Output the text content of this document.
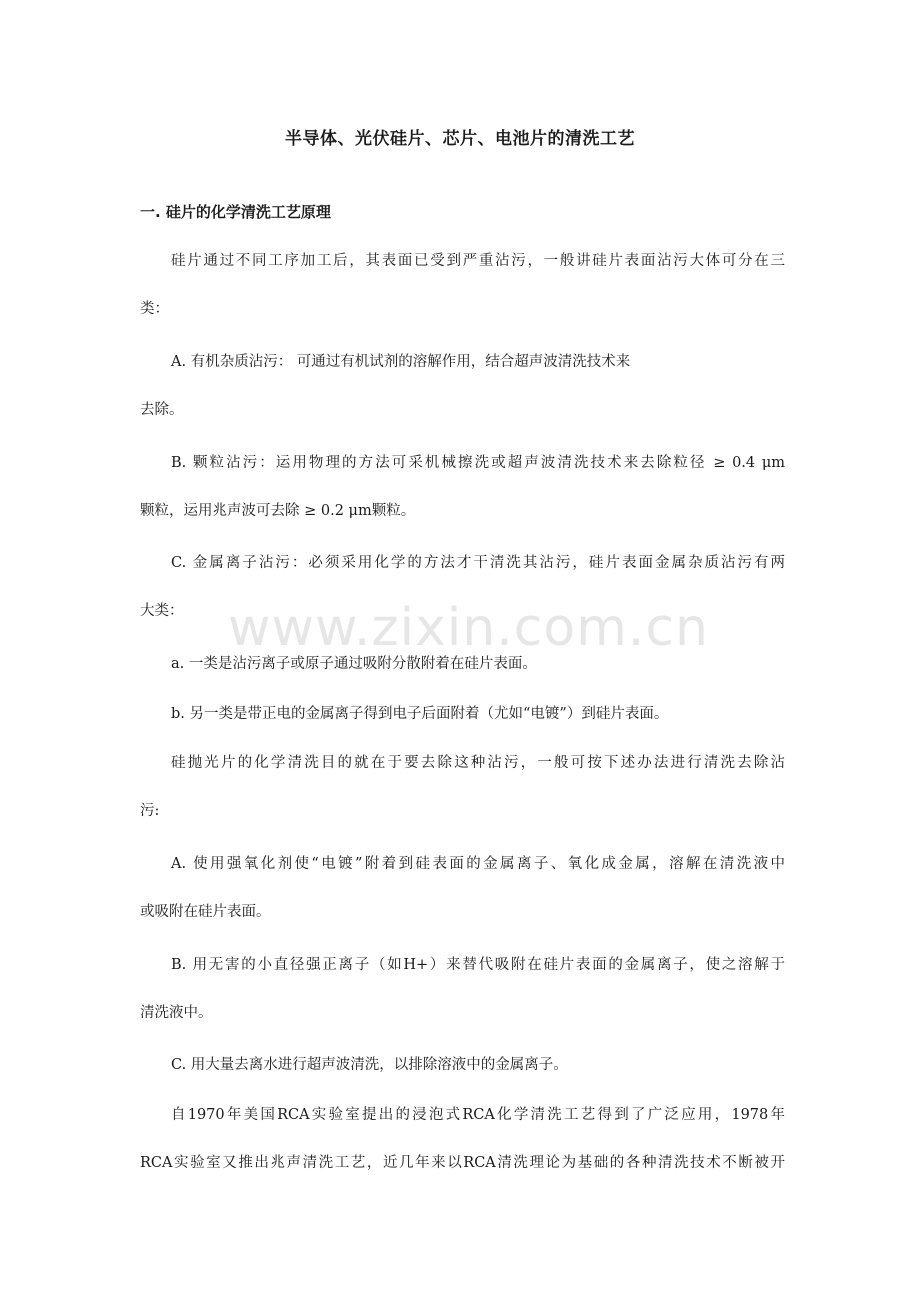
www.zixin.com.cn
半导体、光伏硅片、芯片、电池片的清洗工艺
一. 硅片的化学清洗工艺原理
硅片通过不同工序加工后，其表面已受到严重沾污，一般讲硅片表面沾污大体可分在三
类：
A. 有机杂质沾污： 可通过有机试剂的溶解作用，结合超声波清洗技术来
去除。
B. 颗粒沾污：运用物理的方法可采机械擦洗或超声波清洗技术来去除粒径 ≥ 0.4 μm
颗粒，运用兆声波可去除 ≥ 0.2 μm颗粒。
C. 金属离子沾污：必须采用化学的方法才干清洗其沾污，硅片表面金属杂质沾污有两
大类：
a. 一类是沾污离子或原子通过吸附分散附着在硅片表面。
b. 另一类是带正电的金属离子得到电子后面附着（尤如“电镀”）到硅片表面。
硅抛光片的化学清洗目的就在于要去除这种沾污，一般可按下述办法进行清洗去除沾
污:
A. 使用强氧化剂使“电镀”附着到硅表面的金属离子、氧化成金属，溶解在清洗液中
或吸附在硅片表面。
B. 用无害的小直径强正离子（如H+）来替代吸附在硅片表面的金属离子，使之溶解于
清洗液中。
C. 用大量去离水进行超声波清洗，以排除溶液中的金属离子。
自1970年美国RCA实验室提出的浸泡式RCA化学清洗工艺得到了广泛应用，1978年
RCA实验室又推出兆声清洗工艺，近几年来以RCA清洗理论为基础的各种清洗技术不断被开
